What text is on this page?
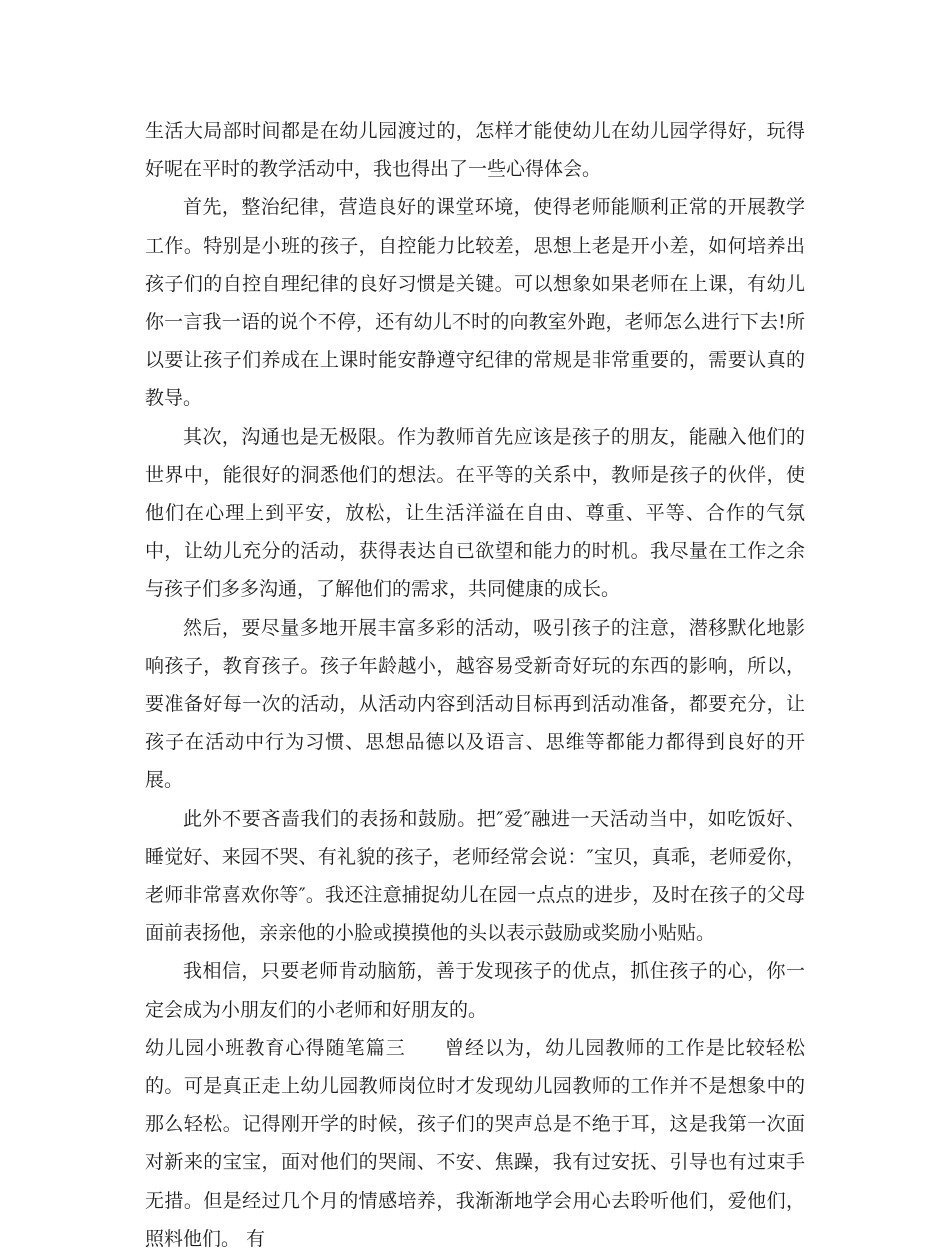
生活大局部时间都是在幼儿园渡过的，怎样才能使幼儿在幼儿园学得好，玩得好呢在平时的教学活动中，我也得出了一些心得体会。

首先，整治纪律，营造良好的课堂环境，使得老师能顺利正常的开展教学工作。特别是小班的孩子，自控能力比较差，思想上老是开小差，如何培养出孩子们的自控自理纪律的良好习惯是关键。可以想象如果老师在上课，有幼儿你一言我一语的说个不停，还有幼儿不时的向教室外跑，老师怎么进行下去!所以要让孩子们养成在上课时能安静遵守纪律的常规是非常重要的，需要认真的教导。

其次，沟通也是无极限。作为教师首先应该是孩子的朋友，能融入他们的世界中，能很好的洞悉他们的想法。在平等的关系中，教师是孩子的伙伴，使他们在心理上到平安，放松，让生活洋溢在自由、尊重、平等、合作的气氛中，让幼儿充分的活动，获得表达自已欲望和能力的时机。我尽量在工作之余与孩子们多多沟通，了解他们的需求，共同健康的成长。

然后，要尽量多地开展丰富多彩的活动，吸引孩子的注意，潜移默化地影响孩子，教育孩子。孩子年龄越小，越容易受新奇好玩的东西的影响，所以，要准备好每一次的活动，从活动内容到活动目标再到活动准备，都要充分，让孩子在活动中行为习惯、思想品德以及语言、思维等都能力都得到良好的开展。

此外不要吝啬我们的表扬和鼓励。把″爱″融进一天活动当中，如吃饭好、睡觉好、来园不哭、有礼貌的孩子，老师经常会说：″宝贝，真乖，老师爱你，老师非常喜欢你等″。我还注意捕捉幼儿在园一点点的进步，及时在孩子的父母面前表扬他，亲亲他的小脸或摸摸他的头以表示鼓励或奖励小贴贴。

我相信，只要老师肯动脑筋，善于发现孩子的优点，抓住孩子的心，你一定会成为小朋友们的小老师和好朋友的。

幼儿园小班教育心得随笔篇三 曾经以为，幼儿园教师的工作是比较轻松的。可是真正走上幼儿园教师岗位时才发现幼儿园教师的工作并不是想象中的那么轻松。记得刚开学的时候，孩子们的哭声总是不绝于耳，这是我第一次面对新来的宝宝，面对他们的哭闹、不安、焦躁，我有过安抚、引导也有过束手无措。但是经过几个月的情感培养，我渐渐地学会用心去聆听他们，爱他们，照料他们。 有
